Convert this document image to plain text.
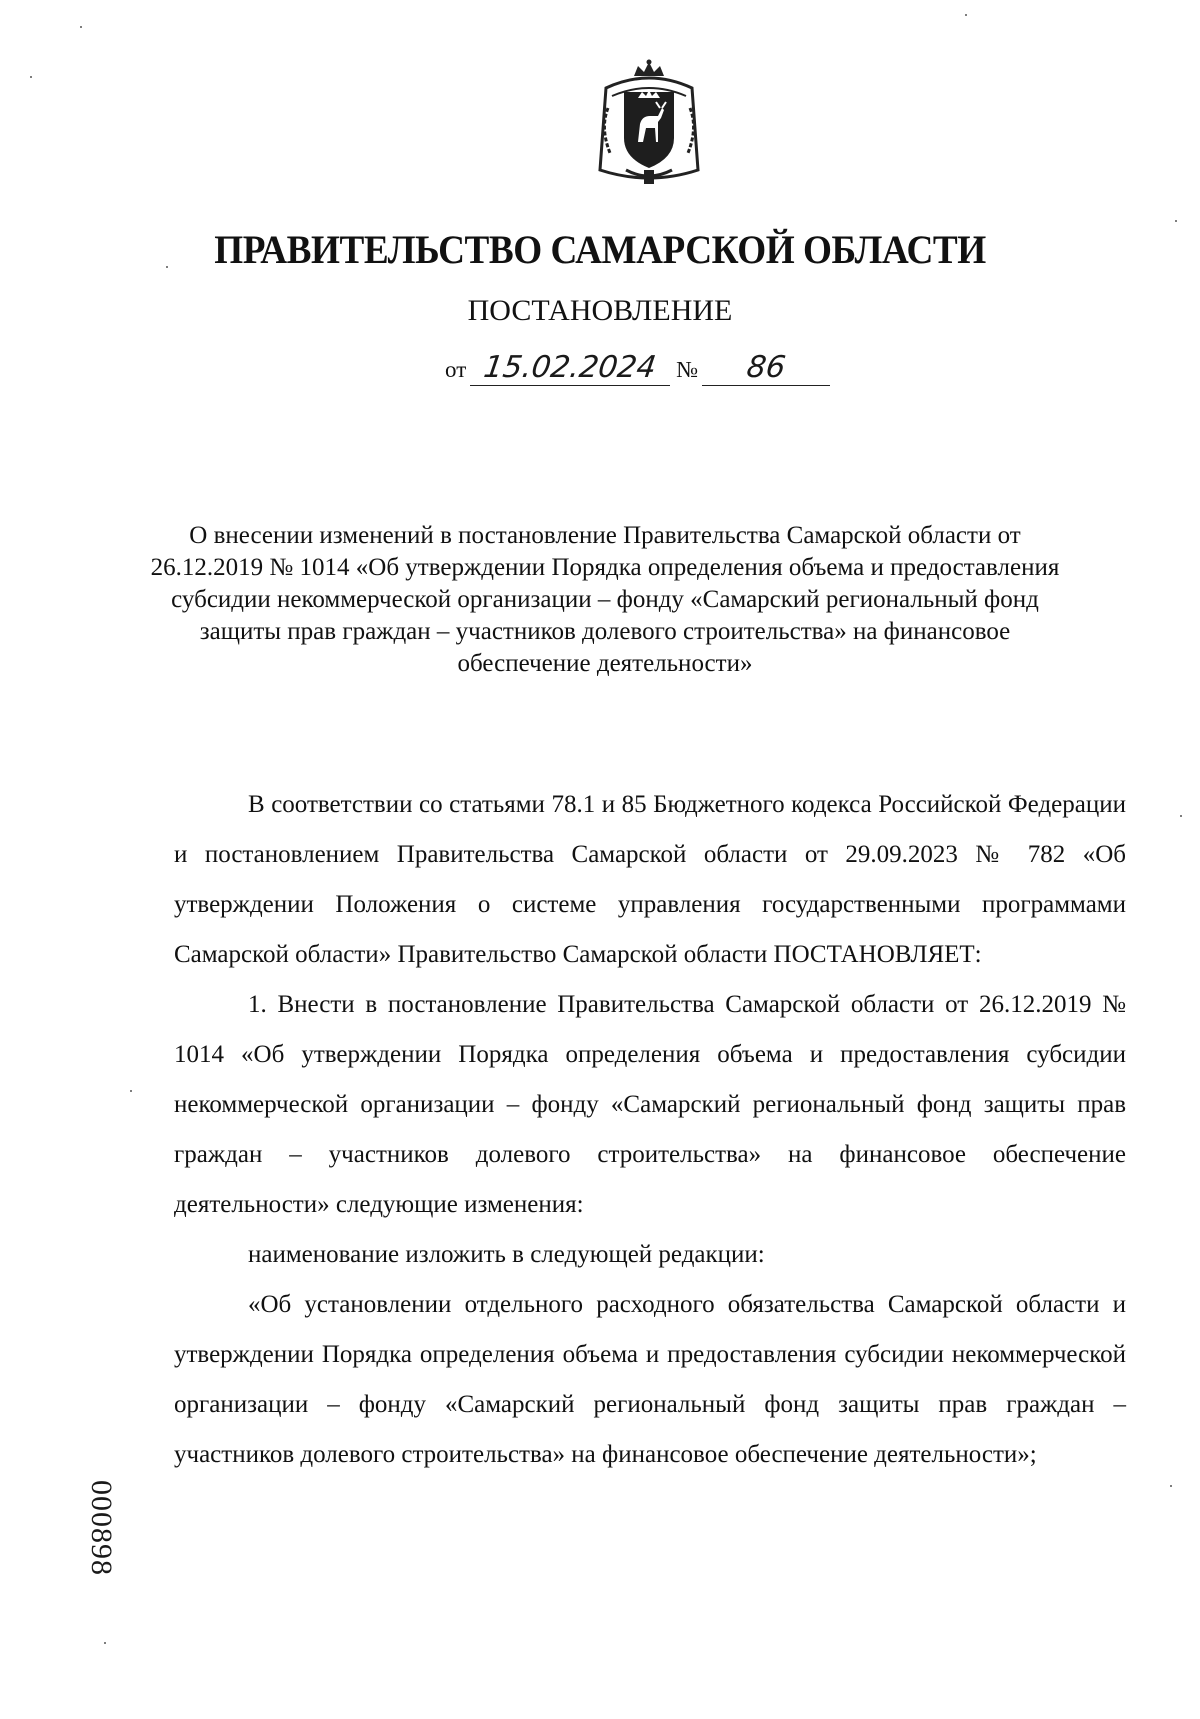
ПРАВИТЕЛЬСТВО САМАРСКОЙ ОБЛАСТИ
ПОСТАНОВЛЕНИЕ
от 15.02.2024 № 86
О внесении изменений в постановление Правительства Самарской области от 26.12.2019 № 1014 «Об утверждении Порядка определения объема и предоставления субсидии некоммерческой организации – фонду «Самарский региональный фонд защиты прав граждан – участников долевого строительства» на финансовое обеспечение деятельности»

В соответствии со статьями 78.1 и 85 Бюджетного кодекса Российской Федерации и постановлением Правительства Самарской области от 29.09.2023 № 782 «Об утверждении Положения о системе управления государственными программами Самарской области» Правительство Самарской области ПОСТАНОВЛЯЕТ:

1. Внести в постановление Правительства Самарской области от 26.12.2019 № 1014 «Об утверждении Порядка определения объема и предоставления субсидии некоммерческой организации – фонду «Самарский региональный фонд защиты прав граждан – участников долевого строительства» на финансовое обеспечение деятельности» следующие изменения:

наименование изложить в следующей редакции:

«Об установлении отдельного расходного обязательства Самарской области и утверждении Порядка определения объема и предоставления субсидии некоммерческой организации – фонду «Самарский региональный фонд защиты прав граждан – участников долевого строительства» на финансовое обеспечение деятельности»;

000898
